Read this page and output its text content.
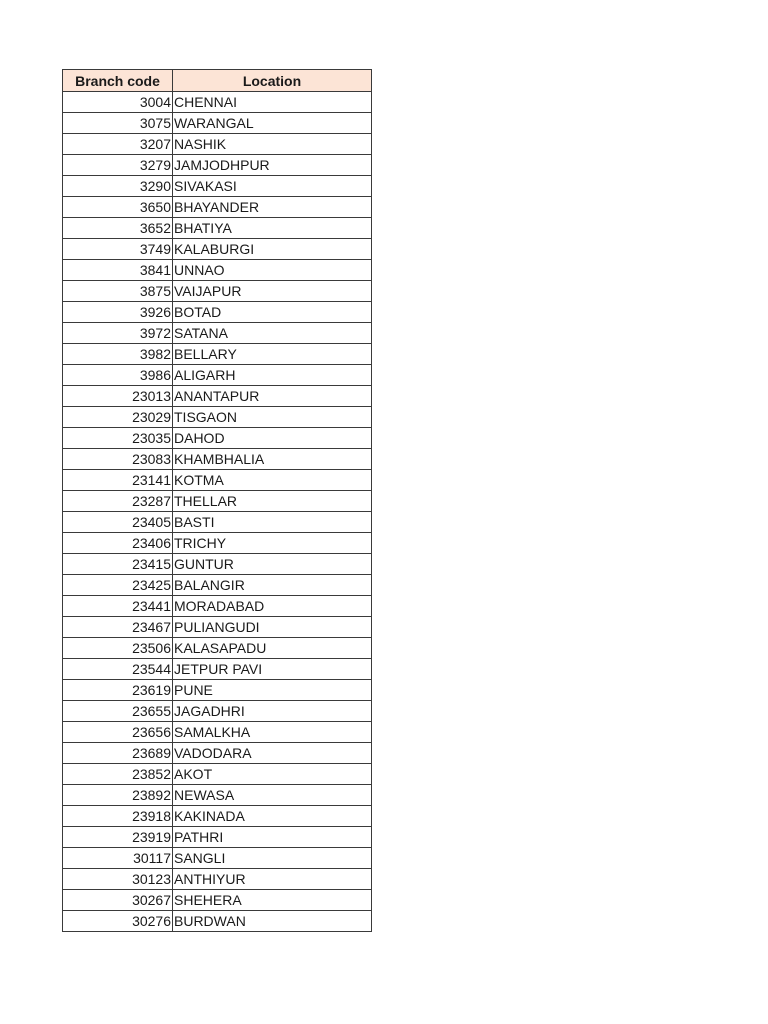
Branch code	Location
3004	CHENNAI
3075	WARANGAL
3207	NASHIK
3279	JAMJODHPUR
3290	SIVAKASI
3650	BHAYANDER
3652	BHATIYA
3749	KALABURGI
3841	UNNAO
3875	VAIJAPUR
3926	BOTAD
3972	SATANA
3982	BELLARY
3986	ALIGARH
23013	ANANTAPUR
23029	TISGAON
23035	DAHOD
23083	KHAMBHALIA
23141	KOTMA
23287	THELLAR
23405	BASTI
23406	TRICHY
23415	GUNTUR
23425	BALANGIR
23441	MORADABAD
23467	PULIANGUDI
23506	KALASAPADU
23544	JETPUR PAVI
23619	PUNE
23655	JAGADHRI
23656	SAMALKHA
23689	VADODARA
23852	AKOT
23892	NEWASA
23918	KAKINADA
23919	PATHRI
30117	SANGLI
30123	ANTHIYUR
30267	SHEHERA
30276	BURDWAN
